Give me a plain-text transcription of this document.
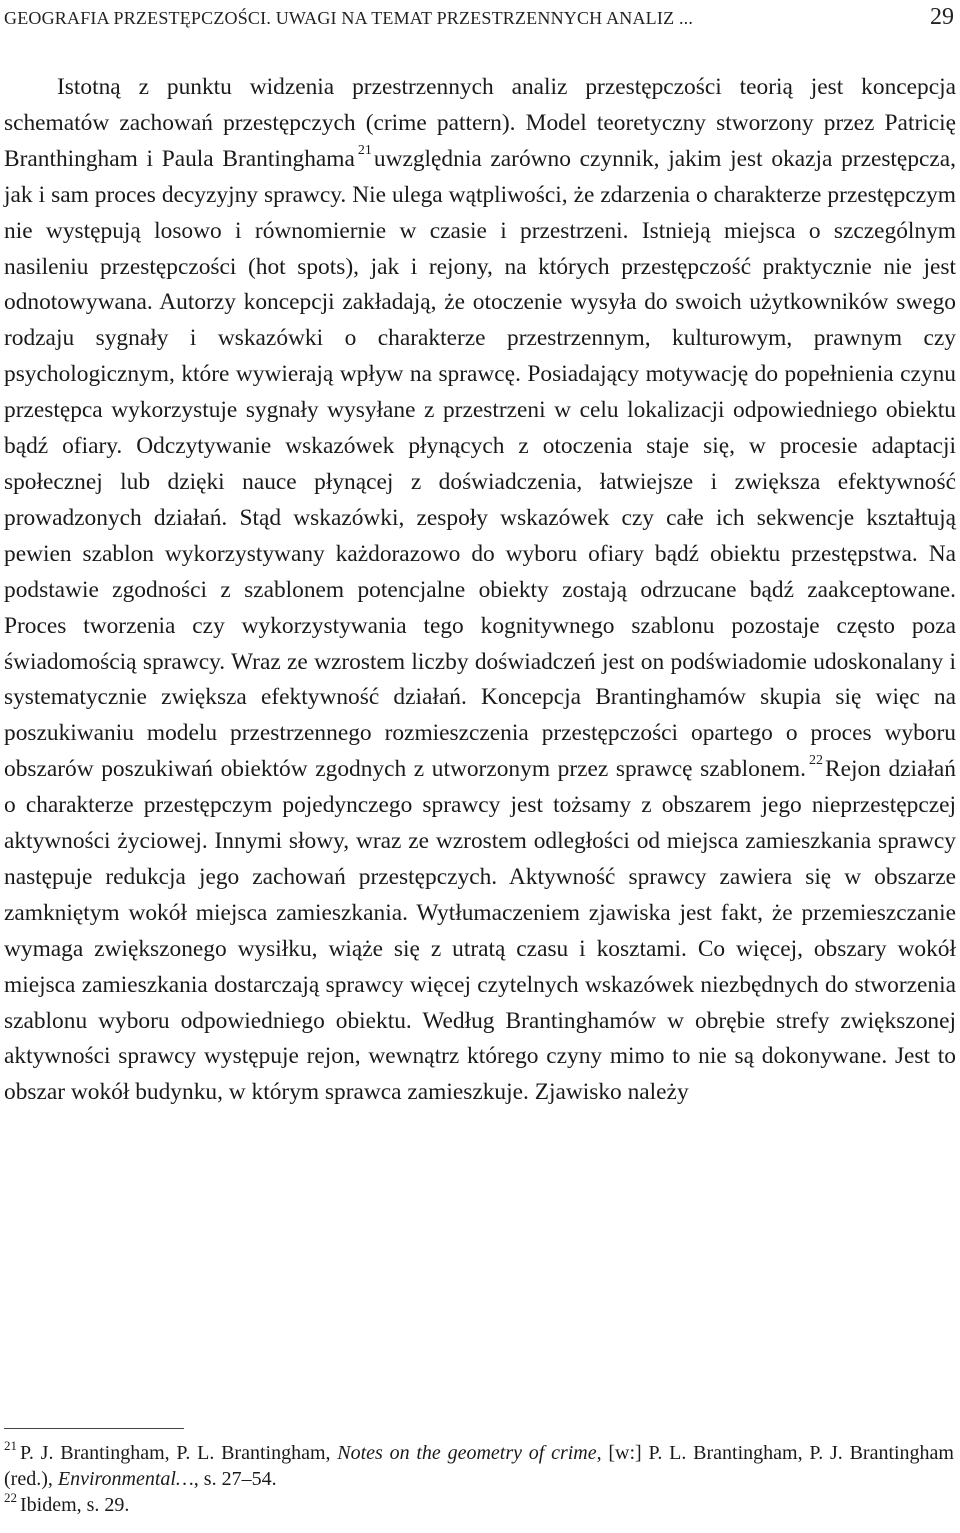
GEOGRAFIA PRZESTĘPCZOŚCI. UWAGI NA TEMAT PRZESTRZENNYCH ANALIZ ...	29

Istotną z punktu widzenia przestrzennych analiz przestępczości teorią jest koncepcja schematów zachowań przestępczych (crime pattern). Model teoretyczny stworzony przez Patricię Branthingham i Paula Brantinghama $^{21}$uwzględnia zarówno czynnik, jakim jest okazja przestępcza, jak i sam proces decyzyjny sprawcy. Nie ulega wątpliwości, że zdarzenia o charakterze przestępczym nie występują losowo i równomiernie w czasie i przestrzeni. Istnieją miejsca o szczególnym nasileniu przestępczości (hot spots), jak i rejony, na których przestępczość praktycznie nie jest odnotowywana. Autorzy koncepcji zakładają, że otoczenie wysyła do swoich użytkowników swego rodzaju sygnały i wskazówki o charakterze przestrzennym, kulturowym, prawnym czy psychologicznym, które wywierają wpływ na sprawcę. Posiadający motywację do popełnienia czynu przestępca wykorzystuje sygnały wysyłane z przestrzeni w celu lokalizacji odpowiedniego obiektu bądź ofiary. Odczytywanie wskazówek płynących z otoczenia staje się, w procesie adaptacji społecznej lub dzięki nauce płynącej z doświadczenia, łatwiejsze i zwiększa efektywność prowadzonych działań. Stąd wskazówki, zespoły wskazówek czy całe ich sekwencje kształtują pewien szablon wykorzystywany każdorazowo do wyboru ofiary bądź obiektu przestępstwa. Na podstawie zgodności z szablonem potencjalne obiekty zostają odrzucane bądź zaakceptowane. Proces tworzenia czy wykorzystywania tego kognitywnego szablonu pozostaje często poza świadomością sprawcy. Wraz ze wzrostem liczby doświadczeń jest on podświadomie udoskonalany i systematycznie zwiększa efektywność działań. Koncepcja Brantinghamów skupia się więc na poszukiwaniu modelu przestrzennego rozmieszczenia przestępczości opartego o proces wyboru obszarów poszukiwań obiektów zgodnych z utworzonym przez sprawcę szablonem. $^{22}$Rejon działań o charakterze przestępczym pojedynczego sprawcy jest tożsamy z obszarem jego nieprzestępczej aktywności życiowej. Innymi słowy, wraz ze wzrostem odległości od miejsca zamieszkania sprawcy następuje redukcja jego zachowań przestępczych. Aktywność sprawcy zawiera się w obszarze zamkniętym wokół miejsca zamieszkania. Wytłumaczeniem zjawiska jest fakt, że przemieszczanie wymaga zwiększonego wysiłku, wiąże się z utratą czasu i kosztami. Co więcej, obszary wokół miejsca zamieszkania dostarczają sprawcy więcej czytelnych wskazówek niezbędnych do stworzenia szablonu wyboru odpowiedniego obiektu. Według Brantinghamów w obrębie strefy zwiększonej aktywności sprawcy występuje rejon, wewnątrz którego czyny mimo to nie są dokonywane. Jest to obszar wokół budynku, w którym sprawca zamieszkuje. Zjawisko należy

$^{21}$ P. J. Brantingham, P. L. Brantingham, Notes on the geometry of crime, [w:] P. L. Brantingham, P. J. Brantingham (red.), Environmental…, s. 27–54.

$^{22}$ Ibidem, s. 29.
